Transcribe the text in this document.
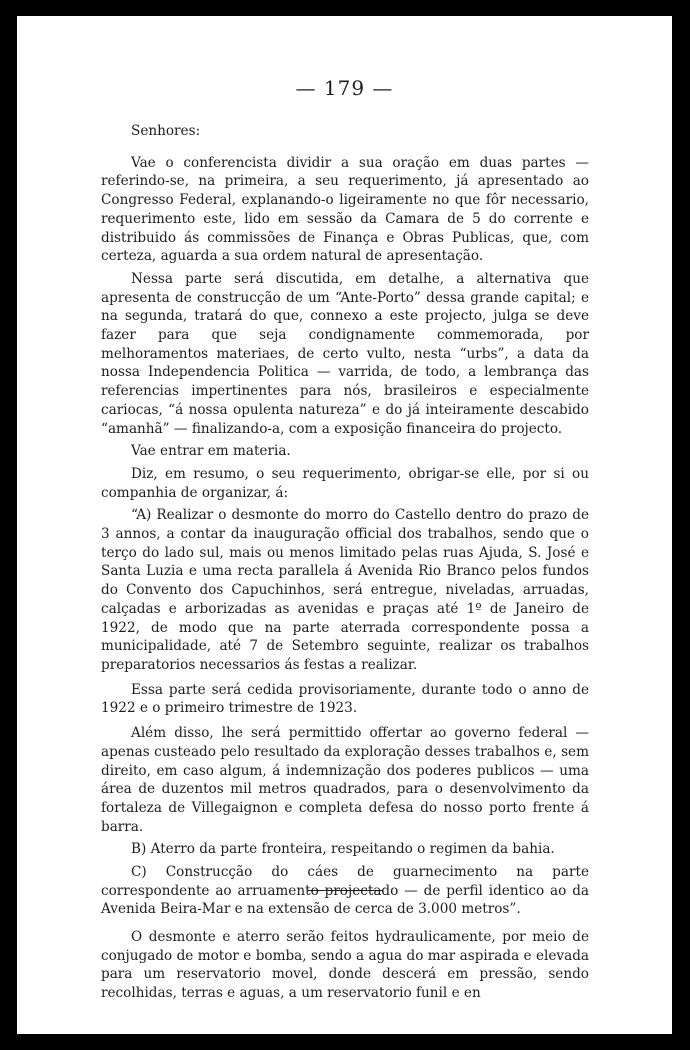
— 179 —

Senhores:

Vae o conferencista dividir a sua oração em duas partes — referindo-se, na primeira, a seu requerimento, já apresentado ao Congresso Federal, explanando-o ligeiramente no que fôr necessario, requerimento este, lido em sessão da Camara de 5 do corrente e distribuido ás commissões de Finança e Obras Publicas, que, com certeza, aguarda a sua ordem natural de apresentação.

Nessa parte será discutida, em detalhe, a alternativa que apresenta de construcção de um “Ante-Porto” dessa grande capital; e na segunda, tratará do que, connexo a este projecto, julga se deve fazer para que seja condignamente commemorada, por melhoramentos materiaes, de certo vulto, nesta “urbs”, a data da nossa Independencia Politica — varrida, de todo, a lembrança das referencias impertinentes para nós, brasileiros e especialmente cariocas, “á nossa opulenta natureza” e do já inteiramente descabido “amanhã” — finalizando-a, com a exposição financeira do projecto.

Vae entrar em materia.

Diz, em resumo, o seu requerimento, obrigar-se elle, por si ou companhia de organizar, á:

“A) Realizar o desmonte do morro do Castello dentro do prazo de 3 annos, a contar da inauguração official dos trabalhos, sendo que o terço do lado sul, mais ou menos limitado pelas ruas Ajuda, S. José e Santa Luzia e uma recta parallela á Avenida Rio Branco pelos fundos do Convento dos Capuchinhos, será entregue, niveladas, arruadas, calçadas e arborizadas as avenidas e praças até 1º de Janeiro de 1922, de modo que na parte aterrada correspondente possa a municipalidade, até 7 de Setembro seguinte, realizar os trabalhos preparatorios necessarios ás festas a realizar.

Essa parte será cedida provisoriamente, durante todo o anno de 1922 e o primeiro trimestre de 1923.

Além disso, lhe será permittido offertar ao governo federal — apenas custeado pelo resultado da exploração desses trabalhos e, sem direito, em caso algum, á indemnização dos poderes publicos — uma área de duzentos mil metros quadrados, para o desenvolvimento da fortaleza de Villegaignon e completa defesa do nosso porto frente á barra.

B) Aterro da parte fronteira, respeitando o regimen da bahia.

C) Construcção do cáes de guarnecimento na parte correspondente ao arruamento projectado — de perfil identico ao da Avenida Beira-Mar e na extensão de cerca de 3.000 metros”.

O desmonte e aterro serão feitos hydraulicamente, por meio de conjugado de motor e bomba, sendo a agua do mar aspirada e elevada para um reservatorio movel, donde descerá em pressão, sendo recolhidas, terras e aguas, a um reservatorio funil e en
